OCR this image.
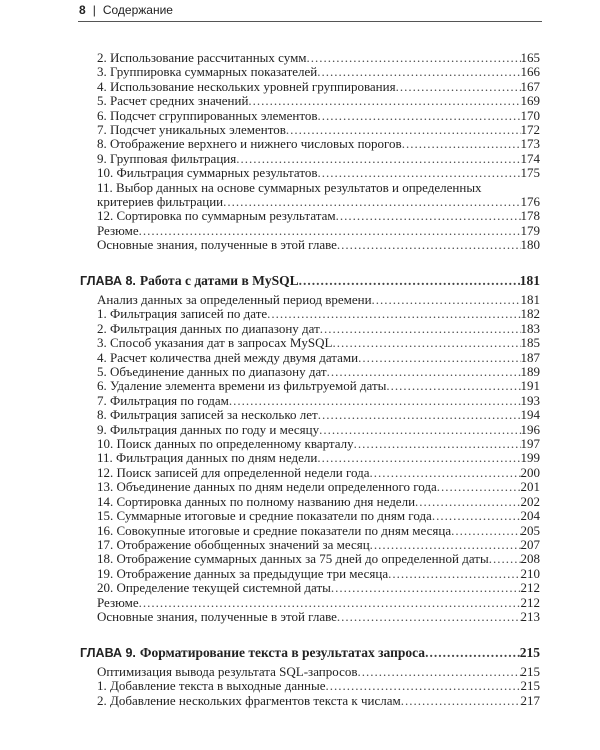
8 | Содержание
2. Использование рассчитанных сумм .....	165
3. Группировка суммарных показателей .....	166
4. Использование нескольких уровней группирования .....	167
5. Расчет средних значений .....	169
6. Подсчет сгруппированных элементов .....	170
7. Подсчет уникальных элементов .....	172
8. Отображение верхнего и нижнего числовых порогов .....	173
9. Групповая фильтрация .....	174
10. Фильтрация суммарных результатов .....	175
11. Выбор данных на основе суммарных результатов и определенных
критериев фильтрации .....	176
12. Сортировка по суммарным результатам .....	178
Резюме .....	179
Основные знания, полученные в этой главе .....	180
ГЛАВА 8. Работа с датами в MySQL .....	181
Анализ данных за определенный период времени .....	181
1. Фильтрация записей по дате .....	182
2. Фильтрация данных по диапазону дат .....	183
3. Способ указания дат в запросах MySQL .....	185
4. Расчет количества дней между двумя датами .....	187
5. Объединение данных по диапазону дат .....	189
6. Удаление элемента времени из фильтруемой даты .....	191
7. Фильтрация по годам .....	193
8. Фильтрация записей за несколько лет .....	194
9. Фильтрация данных по году и месяцу .....	196
10. Поиск данных по определенному кварталу .....	197
11. Фильтрация данных по дням недели .....	199
12. Поиск записей для определенной недели года .....	200
13. Объединение данных по дням недели определенного года .....	201
14. Сортировка данных по полному названию дня недели .....	202
15. Суммарные итоговые и средние показатели по дням года .....	204
16. Совокупные итоговые и средние показатели по дням месяца .....	205
17. Отображение обобщенных значений за месяц .....	207
18. Отображение суммарных данных за 75 дней до определенной даты ..... 208
19. Отображение данных за предыдущие три месяца .....	210
20. Определение текущей системной даты .....	212
Резюме .....	212
Основные знания, полученные в этой главе .....	213
ГЛАВА 9. Форматирование текста в результатах запроса .....	215
Оптимизация вывода результата SQL-запросов .....	215
1. Добавление текста в выходные данные .....	215
2. Добавление нескольких фрагментов текста к числам .....	217
